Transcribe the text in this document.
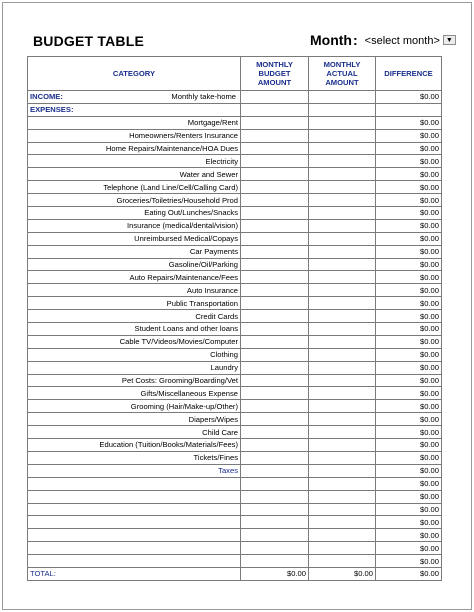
BUDGET TABLE	Month : <select month> ▼
CATEGORY	MONTHLY BUDGET AMOUNT	MONTHLY ACTUAL AMOUNT	DIFFERENCE

INCOME: Monthly take-home			$0.00
EXPENSES:			
Mortgage/Rent			$0.00
Homeowners/Renters Insurance			$0.00
Home Repairs/Maintenance/HOA Dues			$0.00
Electricity			$0.00
Water and Sewer			$0.00
Telephone (Land Line/Cell/Calling Card)			$0.00
Groceries/Toiletries/Household Prod			$0.00
Eating Out/Lunches/Snacks			$0.00
Insurance (medical/dental/vision)			$0.00
Unreimbursed Medical/Copays			$0.00
Car Payments			$0.00
Gasoline/Oil/Parking			$0.00
Auto Repairs/Maintenance/Fees			$0.00
Auto Insurance			$0.00
Public Transportation			$0.00
Credit Cards			$0.00
Student Loans and other loans			$0.00
Cable TV/Videos/Movies/Computer			$0.00
Clothing			$0.00
Laundry			$0.00
Pet Costs: Grooming/Boarding/Vet			$0.00
Gifts/Miscellaneous Expense			$0.00
Grooming (Hair/Make-up/Other)			$0.00
Diapers/Wipes			$0.00
Child Care			$0.00
Education (Tuition/Books/Materials/Fees)			$0.00
Tickets/Fines			$0.00
Taxes			$0.00
			$0.00
			$0.00
			$0.00
			$0.00
			$0.00
			$0.00
			$0.00
TOTAL:	$0.00	$0.00	$0.00
